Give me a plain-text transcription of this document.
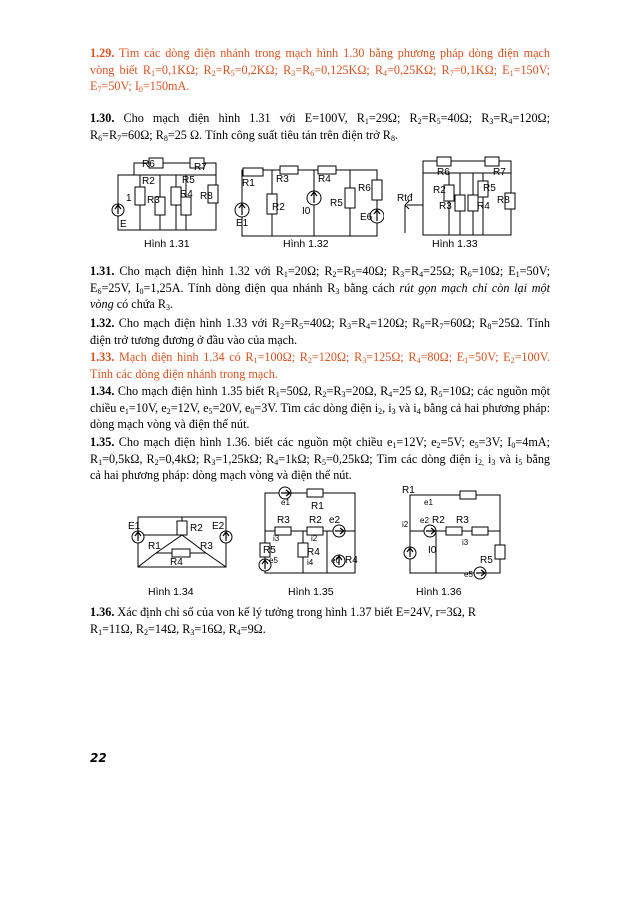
1.29. Tìm các dòng điện nhánh trong mạch hình 1.30 bằng phương pháp dòng điện mạch vòng biết $R_1=0,1K\Omega$; $R_2=R_5=0,2K\Omega$; $R_3=R_6=0,125K\Omega$; $R_4=0,25K\Omega$; $R_7=0,1K\Omega$; $E_1=150V$; $E_7=50V$; $I_0=150mA$.

1.30. Cho mạch điện hình 1.31 với E=100V, $R_1=29\Omega$; $R_2=R_5=40\Omega$; $R_3=R_4=120\Omega$; $R_6=R_7=60\Omega$; $R_8=25$ Ω. Tính công suất tiêu tán trên điện trở $R_8$.

R6	R7
R2	R5
R8
R3
R4
1
E
Hình 1.31
R1 R3	R4
R6
R2 I0
R5
E1
E6
Hình 1.32
R6	R7
R2	R5
R3	R4
R8
Rtđ
Hình 1.33

1.31. Cho mạch điện hình 1.32 với $R_1=20\Omega$; $R_2=R_5=40\Omega$; $R_3=R_4=25\Omega$; $R_6=10\Omega$; $E_1=50V$; $E_6=25V$, $I_0=1,25A$. Tính dòng điện qua nhánh $R_3$ bằng cách rút gọn mạch chỉ còn lại một vòng có chứa $R_3$.

1.32. Cho mạch điện hình 1.33 với $R_2=R_5=40\Omega$; $R_3=R_4=120\Omega$; $R_6=R_7=60\Omega$; $R_8=25\Omega$. Tính điện trở tương đương ở đầu vào của mạch.

1.33. Mạch điện hình 1.34 có $R_1=100\Omega$; $R_2=120\Omega$; $R_3=125\Omega$; $R_4=80\Omega$; $E_1=50V$; $E_2=100V$. Tính các dòng điện nhánh trong mạch.

1.34. Cho mạch điện hình 1.35 biết $R_1=50\Omega$, $R_2=R_3=20\Omega$, $R_4=25$ Ω, $R_5=10\Omega$; các nguồn một chiều $e_1=10V$, $e_2=12V$, $e_5=20V$, $e_0=3V$. Tìm các dòng điện $i_2$, $i_3$ và $i_4$ bằng cả hai phương pháp: dòng mạch vòng và điện thế nút.

1.35. Cho mạch điện hình 1.36. biết các nguồn một chiều $e_1=12V$; $e_2=5V$; $e_5=3V$; $I_0=4mA$; $R_1=0,5k\Omega$, $R_2=0,4k\Omega$; $R_3=1,25k\Omega$; $R_4=1k\Omega$; $R_5=0,25k\Omega$; Tìm các dòng điện $i_{2,}$ $i_3$ và $i_5$ bằng cả hai phương pháp: dòng mạch vòng và điện thế nút.

E1	R2 E2
R1	R3
R4
Hình 1.34
e1 R1
R3 R2 e2
i3	i2
R5	R4
e5	i4 e0 R4
Hình 1.35
R1
e1
i2 e2 R2 R3
I0
i3
R5
e5
Hình 1.36

1.36. Xác định chỉ số của von kế lý tưởng trong hình 1.37 biết E=24V, r=3Ω, R
$R_1=11\Omega$, $R_2=14\Omega$, $R_3=16\Omega$, $R_4=9\Omega$.

22
